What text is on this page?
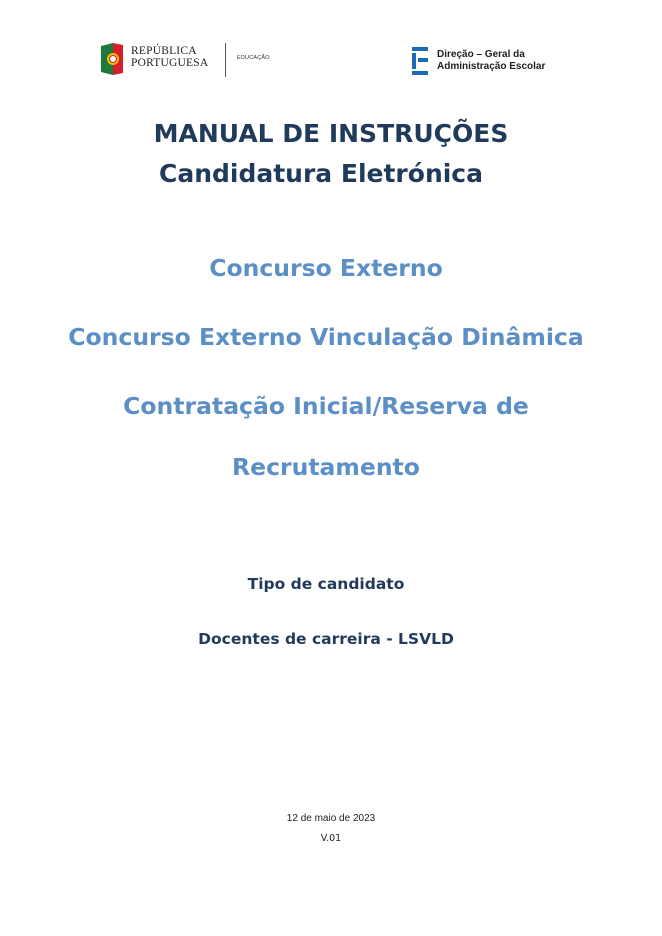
REPÚBLICA
PORTUGUESA	EDUCAÇÃO	Direção – Geral da
Administração Escolar
MANUAL DE INSTRUÇÕES
Candidatura Eletrónica
Concurso Externo
Concurso Externo Vinculação Dinâmica
Contratação Inicial/Reserva de
Recrutamento
Tipo de candidato
Docentes de carreira - LSVLD
12 de maio de 2023
V.01
